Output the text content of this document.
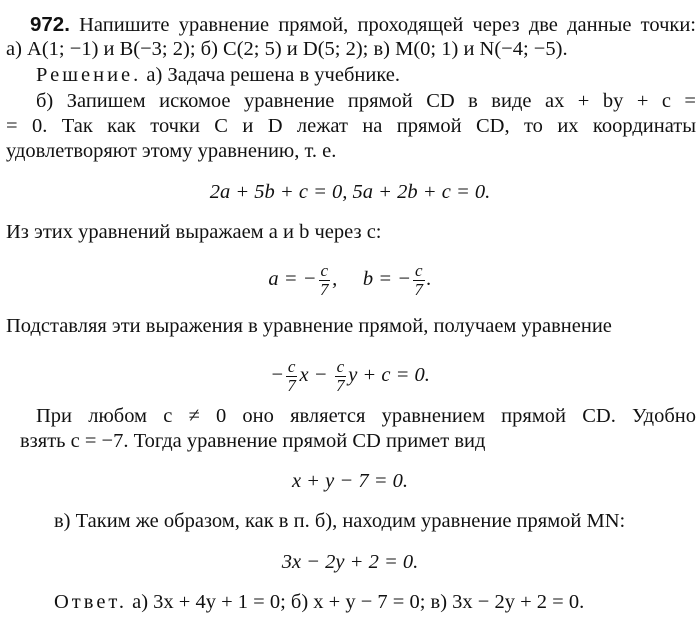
972. Напишите уравнение прямой, проходящей через две данные точки:
а) A(1; −1) и B(−3; 2); б) C(2; 5) и D(5; 2); в) M(0; 1) и N(−4; −5).
Решение. а) Задача решена в учебнике.
б) Запишем искомое уравнение прямой CD в виде ax + by + c =
= 0. Так как точки C и D лежат на прямой CD, то их координаты
удовлетворяют этому уравнению, т. е.
2a + 5b + c = 0, 5a + 2b + c = 0.
Из этих уравнений выражаем a и b через c:
a = − $\frac{c}{7}$ , b = − $\frac{c}{7}$ .
Подставляя эти выражения в уравнение прямой, получаем уравнение
− $\frac{c}{7}$ $x - \frac{c}{7}$ y + c = 0.
При любом c ≠ 0 оно является уравнением прямой CD. Удобно
взять c = −7. Тогда уравнение прямой CD примет вид
x + y − 7 = 0.
в) Таким же образом, как в п. б), находим уравнение прямой MN:
3x − 2y + 2 = 0.
Ответ. а) 3x + 4y + 1 = 0; б) x + y − 7 = 0; в) 3x − 2y + 2 = 0.
